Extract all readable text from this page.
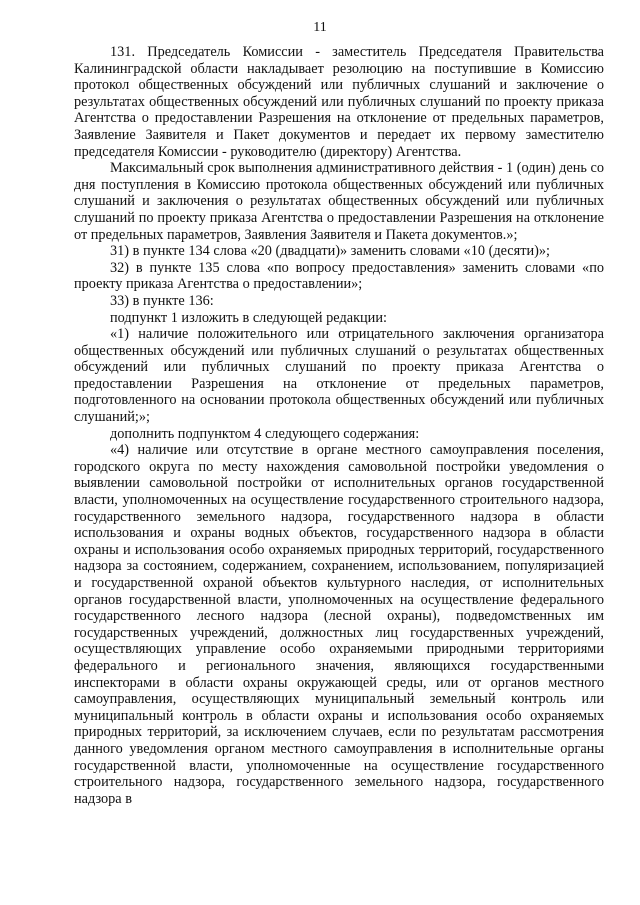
11

131. Председатель Комиссии - заместитель Председателя Правительства Калининградской области накладывает резолюцию на поступившие в Комиссию протокол общественных обсуждений или публичных слушаний и заключение о результатах общественных обсуждений или публичных слушаний по проекту приказа Агентства о предоставлении Разрешения на отклонение от предельных параметров, Заявление Заявителя и Пакет документов и передает их первому заместителю председателя Комиссии - руководителю (директору) Агентства.

Максимальный срок выполнения административного действия - 1 (один) день со дня поступления в Комиссию протокола общественных обсуждений или публичных слушаний и заключения о результатах общественных обсуждений или публичных слушаний по проекту приказа Агентства о предоставлении Разрешения на отклонение от предельных параметров, Заявления Заявителя и Пакета документов.»;

31) в пункте 134 слова «20 (двадцати)» заменить словами «10 (десяти)»;

32) в пункте 135 слова «по вопросу предоставления» заменить словами «по проекту приказа Агентства о предоставлении»;

33) в пункте 136:

подпункт 1 изложить в следующей редакции:

«1) наличие положительного или отрицательного заключения организатора общественных обсуждений или публичных слушаний о результатах общественных обсуждений или публичных слушаний по проекту приказа Агентства о предоставлении Разрешения на отклонение от предельных параметров, подготовленного на основании протокола общественных обсуждений или публичных слушаний;»;

дополнить подпунктом 4 следующего содержания:

«4) наличие или отсутствие в органе местного самоуправления поселения, городского округа по месту нахождения самовольной постройки уведомления о выявлении самовольной постройки от исполнительных органов государственной власти, уполномоченных на осуществление государственного строительного надзора, государственного земельного надзора, государственного надзора в области использования и охраны водных объектов, государственного надзора в области охраны и использования особо охраняемых природных территорий, государственного надзора за состоянием, содержанием, сохранением, использованием, популяризацией и государственной охраной объектов культурного наследия, от исполнительных органов государственной власти, уполномоченных на осуществление федерального государственного лесного надзора (лесной охраны), подведомственных им государственных учреждений, должностных лиц государственных учреждений, осуществляющих управление особо охраняемыми природными территориями федерального и регионального значения, являющихся государственными инспекторами в области охраны окружающей среды, или от органов местного самоуправления, осуществляющих муниципальный земельный контроль или муниципальный контроль в области охраны и использования особо охраняемых природных территорий, за исключением случаев, если по результатам рассмотрения данного уведомления органом местного самоуправления в исполнительные органы государственной власти, уполномоченные на осуществление государственного строительного надзора, государственного земельного надзора, государственного надзора в
